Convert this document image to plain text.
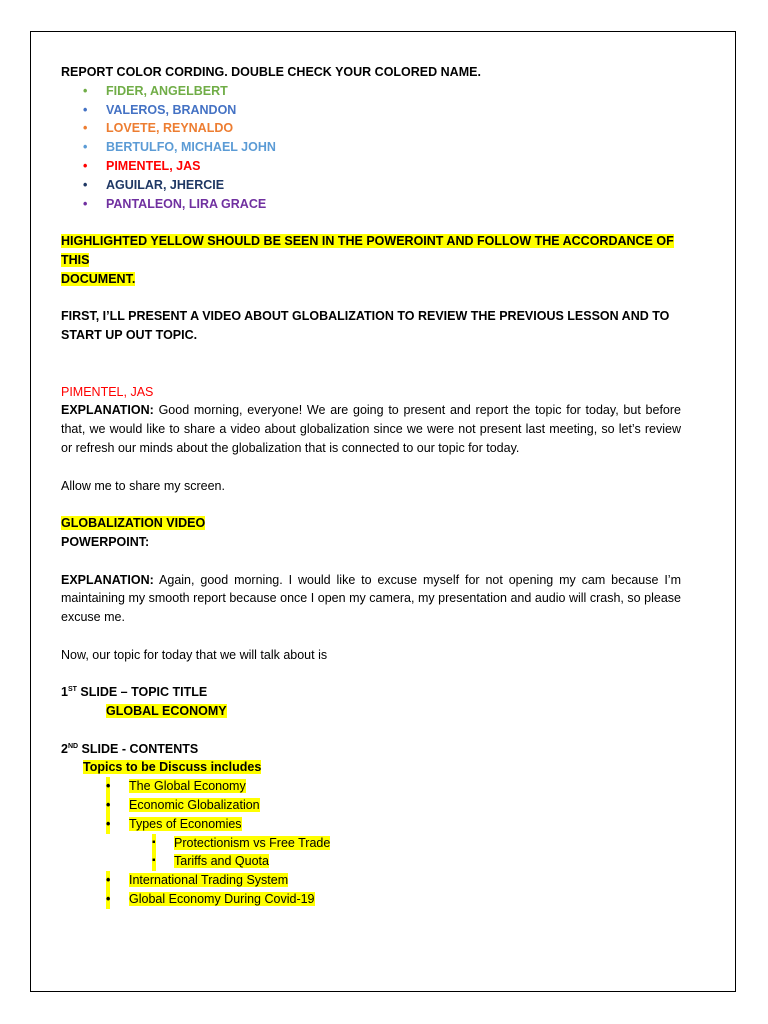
REPORT COLOR CORDING. DOUBLE CHECK YOUR COLORED NAME.

• FIDER, ANGELBERT
• VALEROS, BRANDON
• LOVETE, REYNALDO
• BERTULFO, MICHAEL JOHN
• PIMENTEL, JAS
• AGUILAR, JHERCIE
• PANTALEON, LIRA GRACE

HIGHLIGHTED YELLOW SHOULD BE SEEN IN THE POWEROINT AND FOLLOW THE ACCORDANCE OF THIS
DOCUMENT.

FIRST, I’LL PRESENT A VIDEO ABOUT GLOBALIZATION TO REVIEW THE PREVIOUS LESSON AND TO
START UP OUT TOPIC.

PIMENTEL, JAS

EXPLANATION: Good morning, everyone! We are going to present and report the topic for today, but before that, we would like to share a video about globalization since we were not present last meeting, so let’s review or refresh our minds about the globalization that is connected to our topic for today.

Allow me to share my screen.

GLOBALIZATION VIDEO

POWERPOINT:

EXPLANATION: Again, good morning. I would like to excuse myself for not opening my cam because I’m maintaining my smooth report because once I open my camera, my presentation and audio will crash, so please excuse me.

Now, our topic for today that we will talk about is

1ST SLIDE – TOPIC TITLE

GLOBAL ECONOMY

2ND SLIDE - CONTENTS

Topics to be Discuss includes

• The Global Economy
• Economic Globalization
• Types of Economies
▪ Protectionism vs Free Trade
▪ Tariffs and Quota
• International Trading System
• Global Economy During Covid-19
